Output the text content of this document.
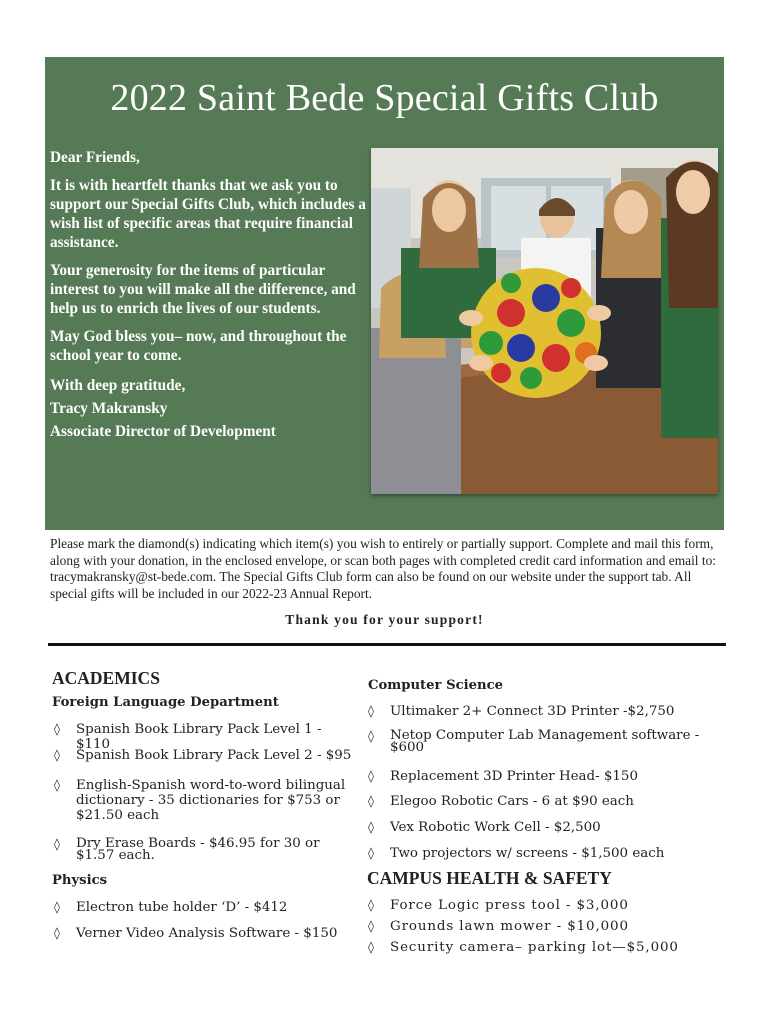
2022 Saint Bede Special Gifts Club

Dear Friends,

It is with heartfelt thanks that we ask you to support our Special Gifts Club, which includes a wish list of specific areas that require financial assistance.

Your generosity for the items of particular interest to you will make all the difference, and help us to enrich the lives of our students.

May God bless you– now, and throughout the school year to come.

With deep gratitude,

Tracy Makransky

Associate Director of Development

Please mark the diamond(s) indicating which item(s) you wish to entirely or partially support. Complete and mail this form, along with your donation, in the enclosed envelope, or scan both pages with completed credit card information and email to: tracymakransky@st-bede.com. The Special Gifts Club form can also be found on our website under the support tab. All special gifts will be included in our 2022-23 Annual Report.
Thank you for your support!
ACADEMICS
Foreign Language Department
◊ Spanish Book Library Pack Level 1 - $110
◊ Spanish Book Library Pack Level 2 - $95
◊ English-Spanish word-to-word bilingual dictionary - 35 dictionaries for $753 or $21.50 each
◊ Dry Erase Boards - $46.95 for 30 or $1.57 each.
Physics
◊ Electron tube holder ‘D’ - $412
◊ Verner Video Analysis Software - $150
Computer Science
◊ Ultimaker 2+ Connect 3D Printer -$2,750
◊ Netop Computer Lab Management software - $600
◊ Replacement 3D Printer Head- $150
◊ Elegoo Robotic Cars - 6 at $90 each
◊ Vex Robotic Work Cell - $2,500
◊ Two projectors w/ screens - $1,500 each
CAMPUS HEALTH & SAFETY
◊ Force Logic press tool - $3,000
◊ Grounds lawn mower - $10,000
◊ Security camera– parking lot—$5,000
